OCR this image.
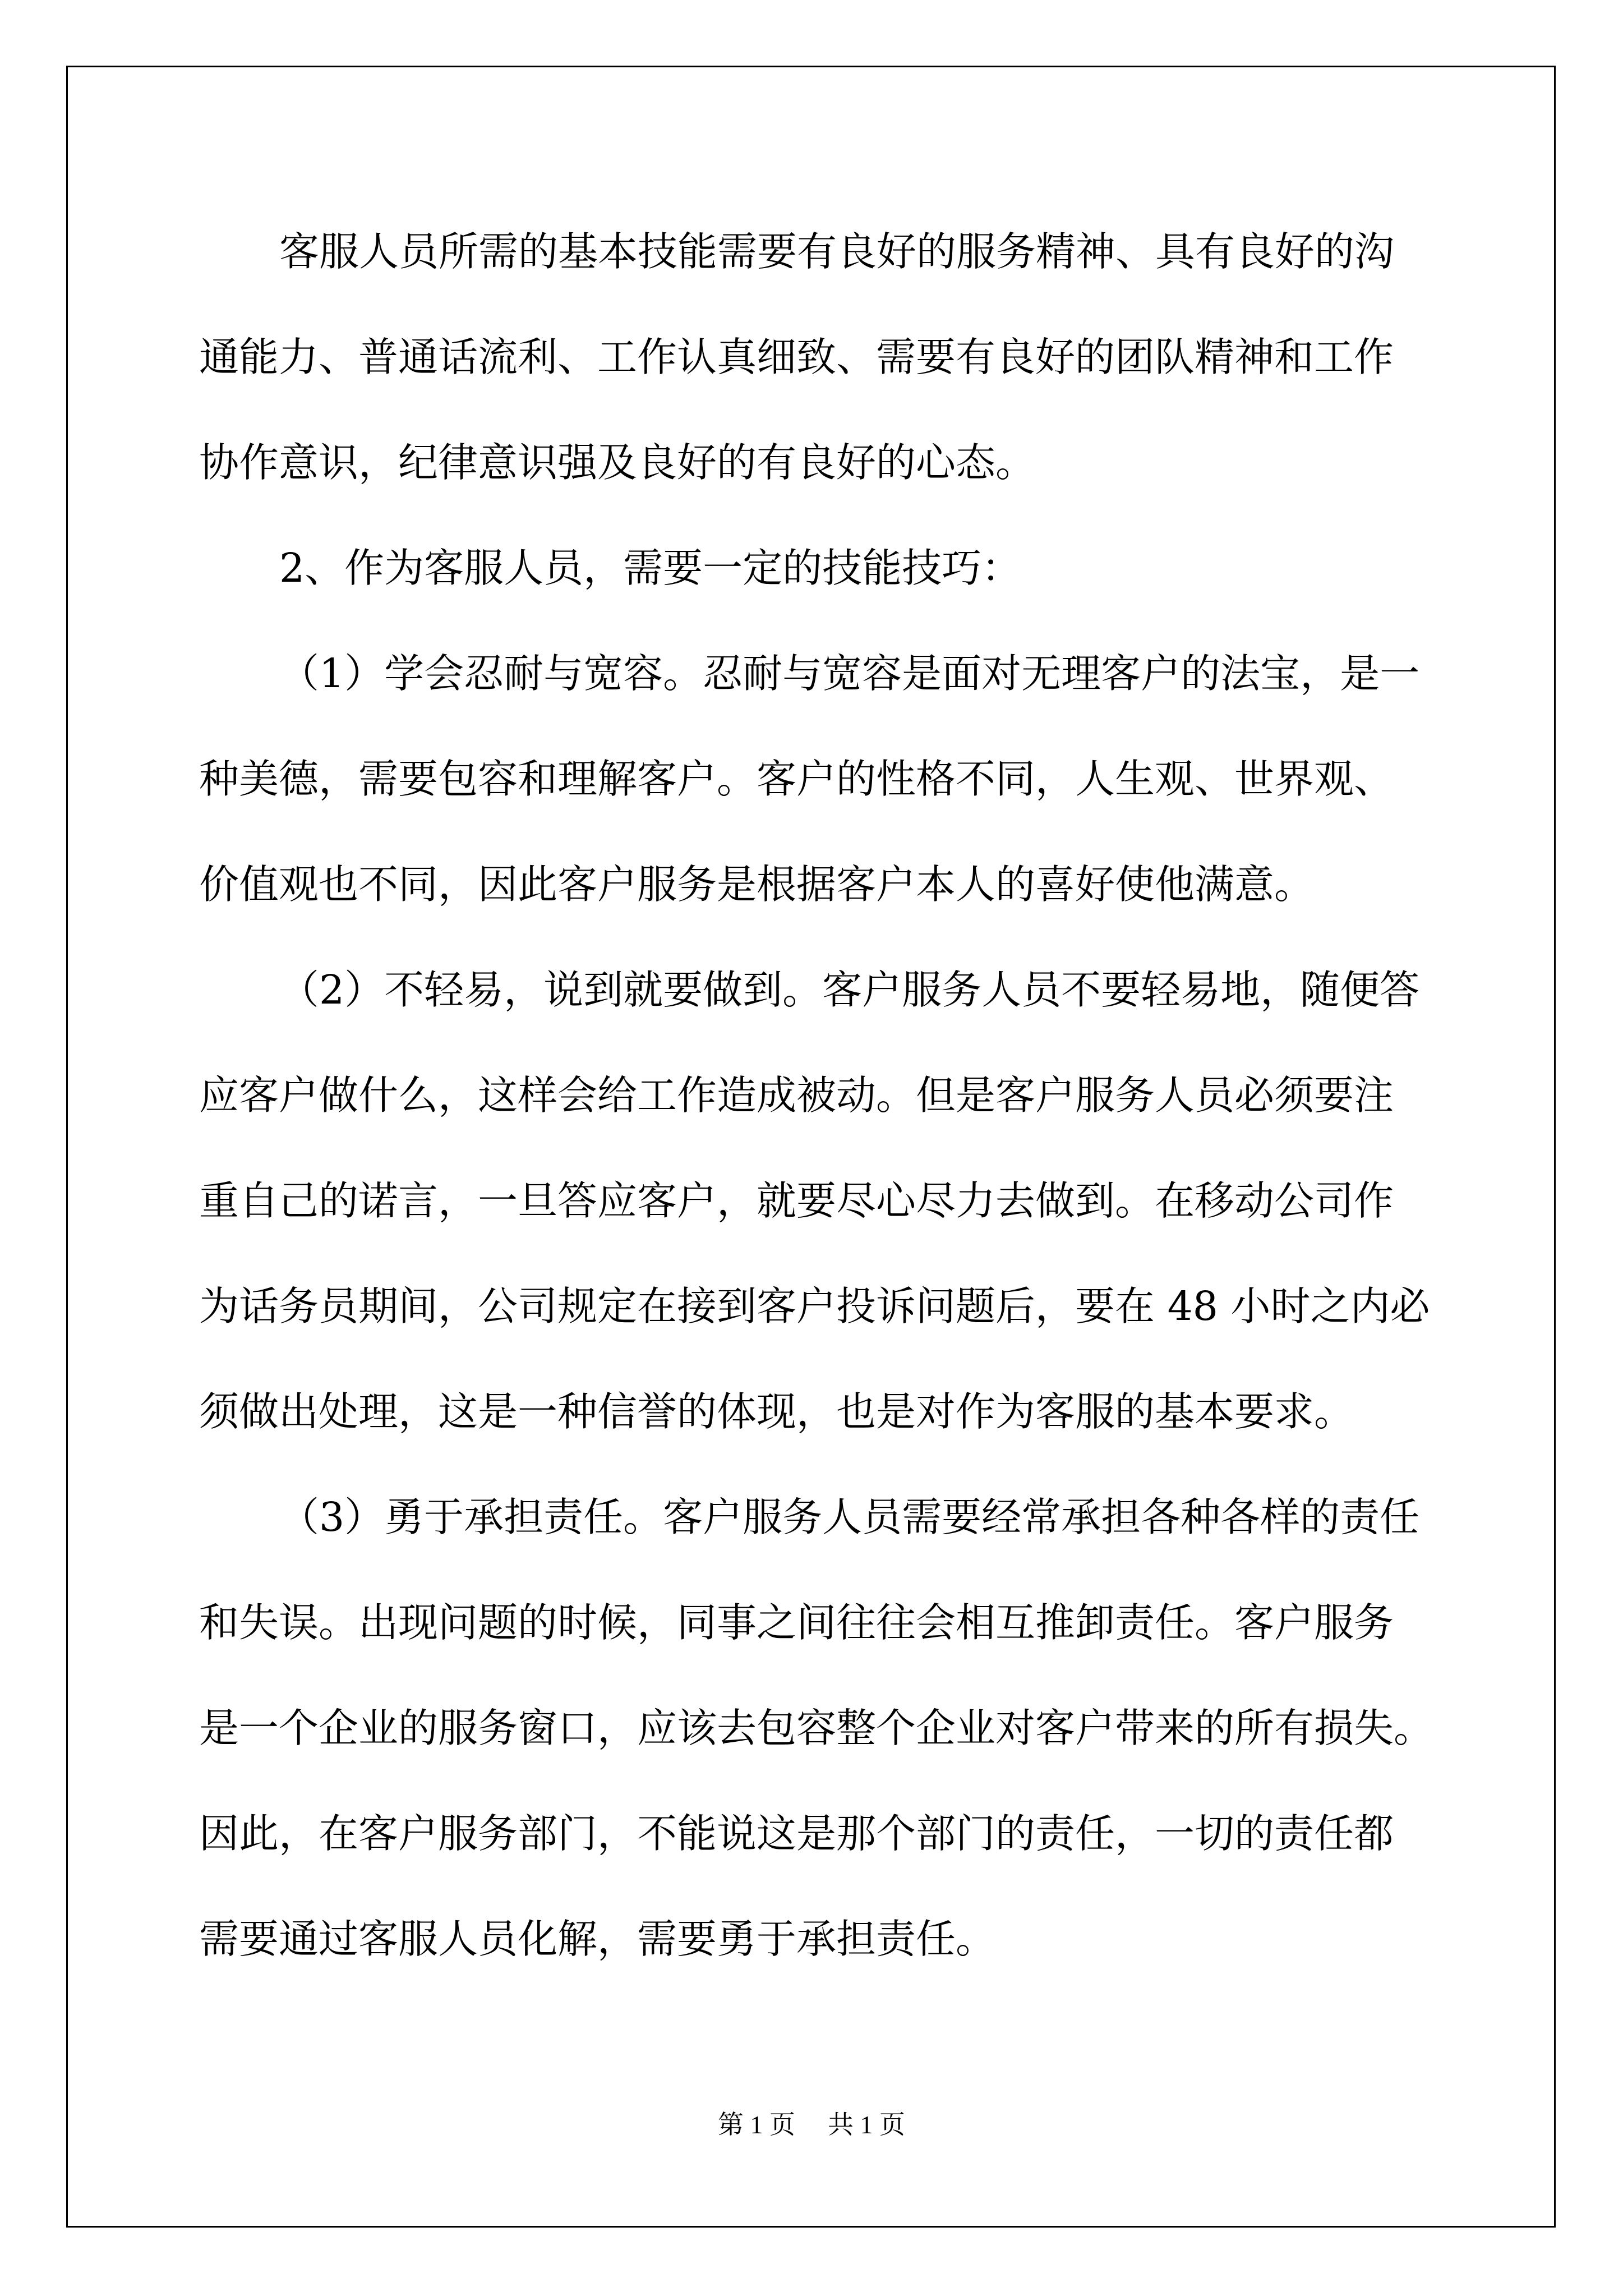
客服人员所需的基本技能需要有良好的服务精神、具有良好的沟
通能力、普通话流利、工作认真细致、需要有良好的团队精神和工作
协作意识，纪律意识强及良好的有良好的心态。
2、作为客服人员，需要一定的技能技巧：
（1）学会忍耐与宽容。忍耐与宽容是面对无理客户的法宝，是一
种美德，需要包容和理解客户。客户的性格不同，人生观、世界观、
价值观也不同，因此客户服务是根据客户本人的喜好使他满意。
（2）不轻易，说到就要做到。客户服务人员不要轻易地，随便答
应客户做什么，这样会给工作造成被动。但是客户服务人员必须要注
重自己的诺言，一旦答应客户，就要尽心尽力去做到。在移动公司作
为话务员期间，公司规定在接到客户投诉问题后，要在 48 小时之内必
须做出处理，这是一种信誉的体现，也是对作为客服的基本要求。
（3）勇于承担责任。客户服务人员需要经常承担各种各样的责任
和失误。出现问题的时候，同事之间往往会相互推卸责任。客户服务
是一个企业的服务窗口，应该去包容整个企业对客户带来的所有损失。
因此，在客户服务部门，不能说这是那个部门的责任，一切的责任都
需要通过客服人员化解，需要勇于承担责任。
第 1 页 共 1 页
